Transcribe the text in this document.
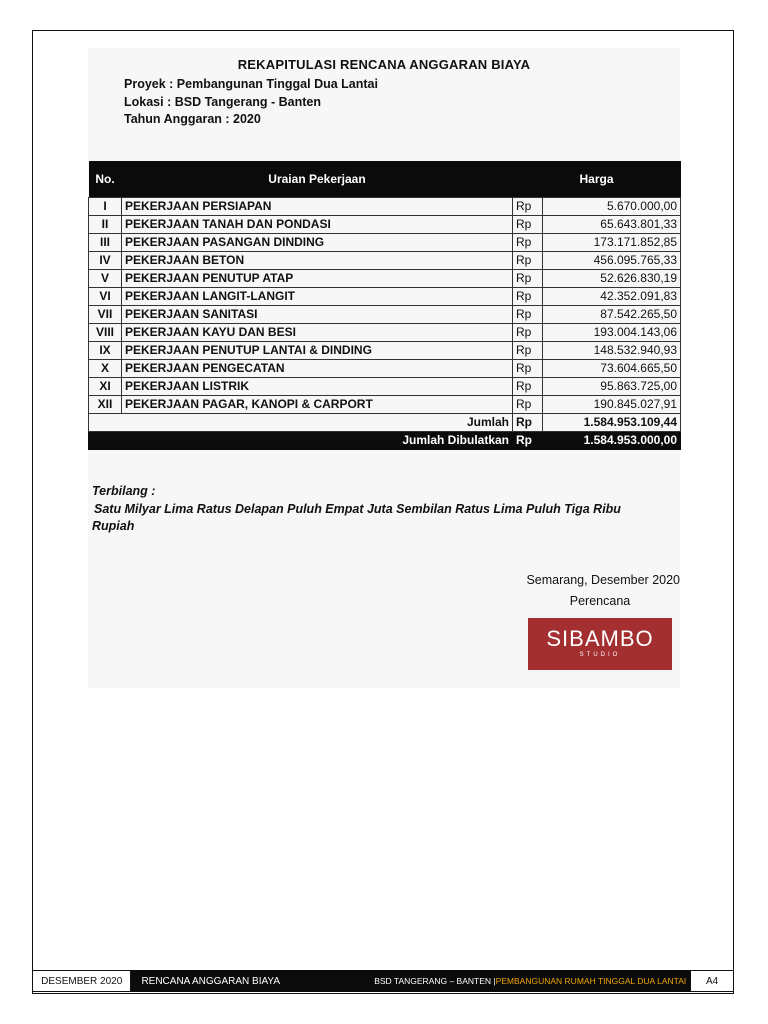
REKAPITULASI RENCANA ANGGARAN BIAYA
Proyek : Pembangunan Tinggal Dua Lantai
Lokasi : BSD Tangerang - Banten
Tahun Anggaran : 2020
No.	Uraian Pekerjaan	Harga	
I	PEKERJAAN PERSIAPAN	Rp	5.670.000,00
II	PEKERJAAN TANAH DAN PONDASI	Rp	65.643.801,33
III	PEKERJAAN PASANGAN DINDING	Rp	173.171.852,85
IV	PEKERJAAN BETON	Rp	456.095.765,33
V	PEKERJAAN PENUTUP ATAP	Rp	52.626.830,19
VI	PEKERJAAN LANGIT-LANGIT	Rp	42.352.091,83
VII	PEKERJAAN SANITASI	Rp	87.542.265,50
VIII	PEKERJAAN KAYU DAN BESI	Rp	193.004.143,06
IX	PEKERJAAN PENUTUP LANTAI & DINDING	Rp	148.532.940,93
X	PEKERJAAN PENGECATAN	Rp	73.604.665,50
XI	PEKERJAAN LISTRIK	Rp	95.863.725,00
XII	PEKERJAAN PAGAR, KANOPI & CARPORT	Rp	190.845.027,91
Jumlah		Rp	1.584.953.109,44
Jumlah Dibulatkan		Rp	1.584.953.000,00
Terbilang :
Satu Milyar Lima Ratus Delapan Puluh Empat Juta Sembilan Ratus Lima Puluh Tiga Ribu Rupiah
Semarang, Desember 2020
Perencana
SIBAMBO
STUDIO
DESEMBER 2020	RENCANA ANGGARAN BIAYA	BSD TANGERANG – BANTEN | PEMBANGUNAN RUMAH TINGGAL DUA LANTAI	A4
